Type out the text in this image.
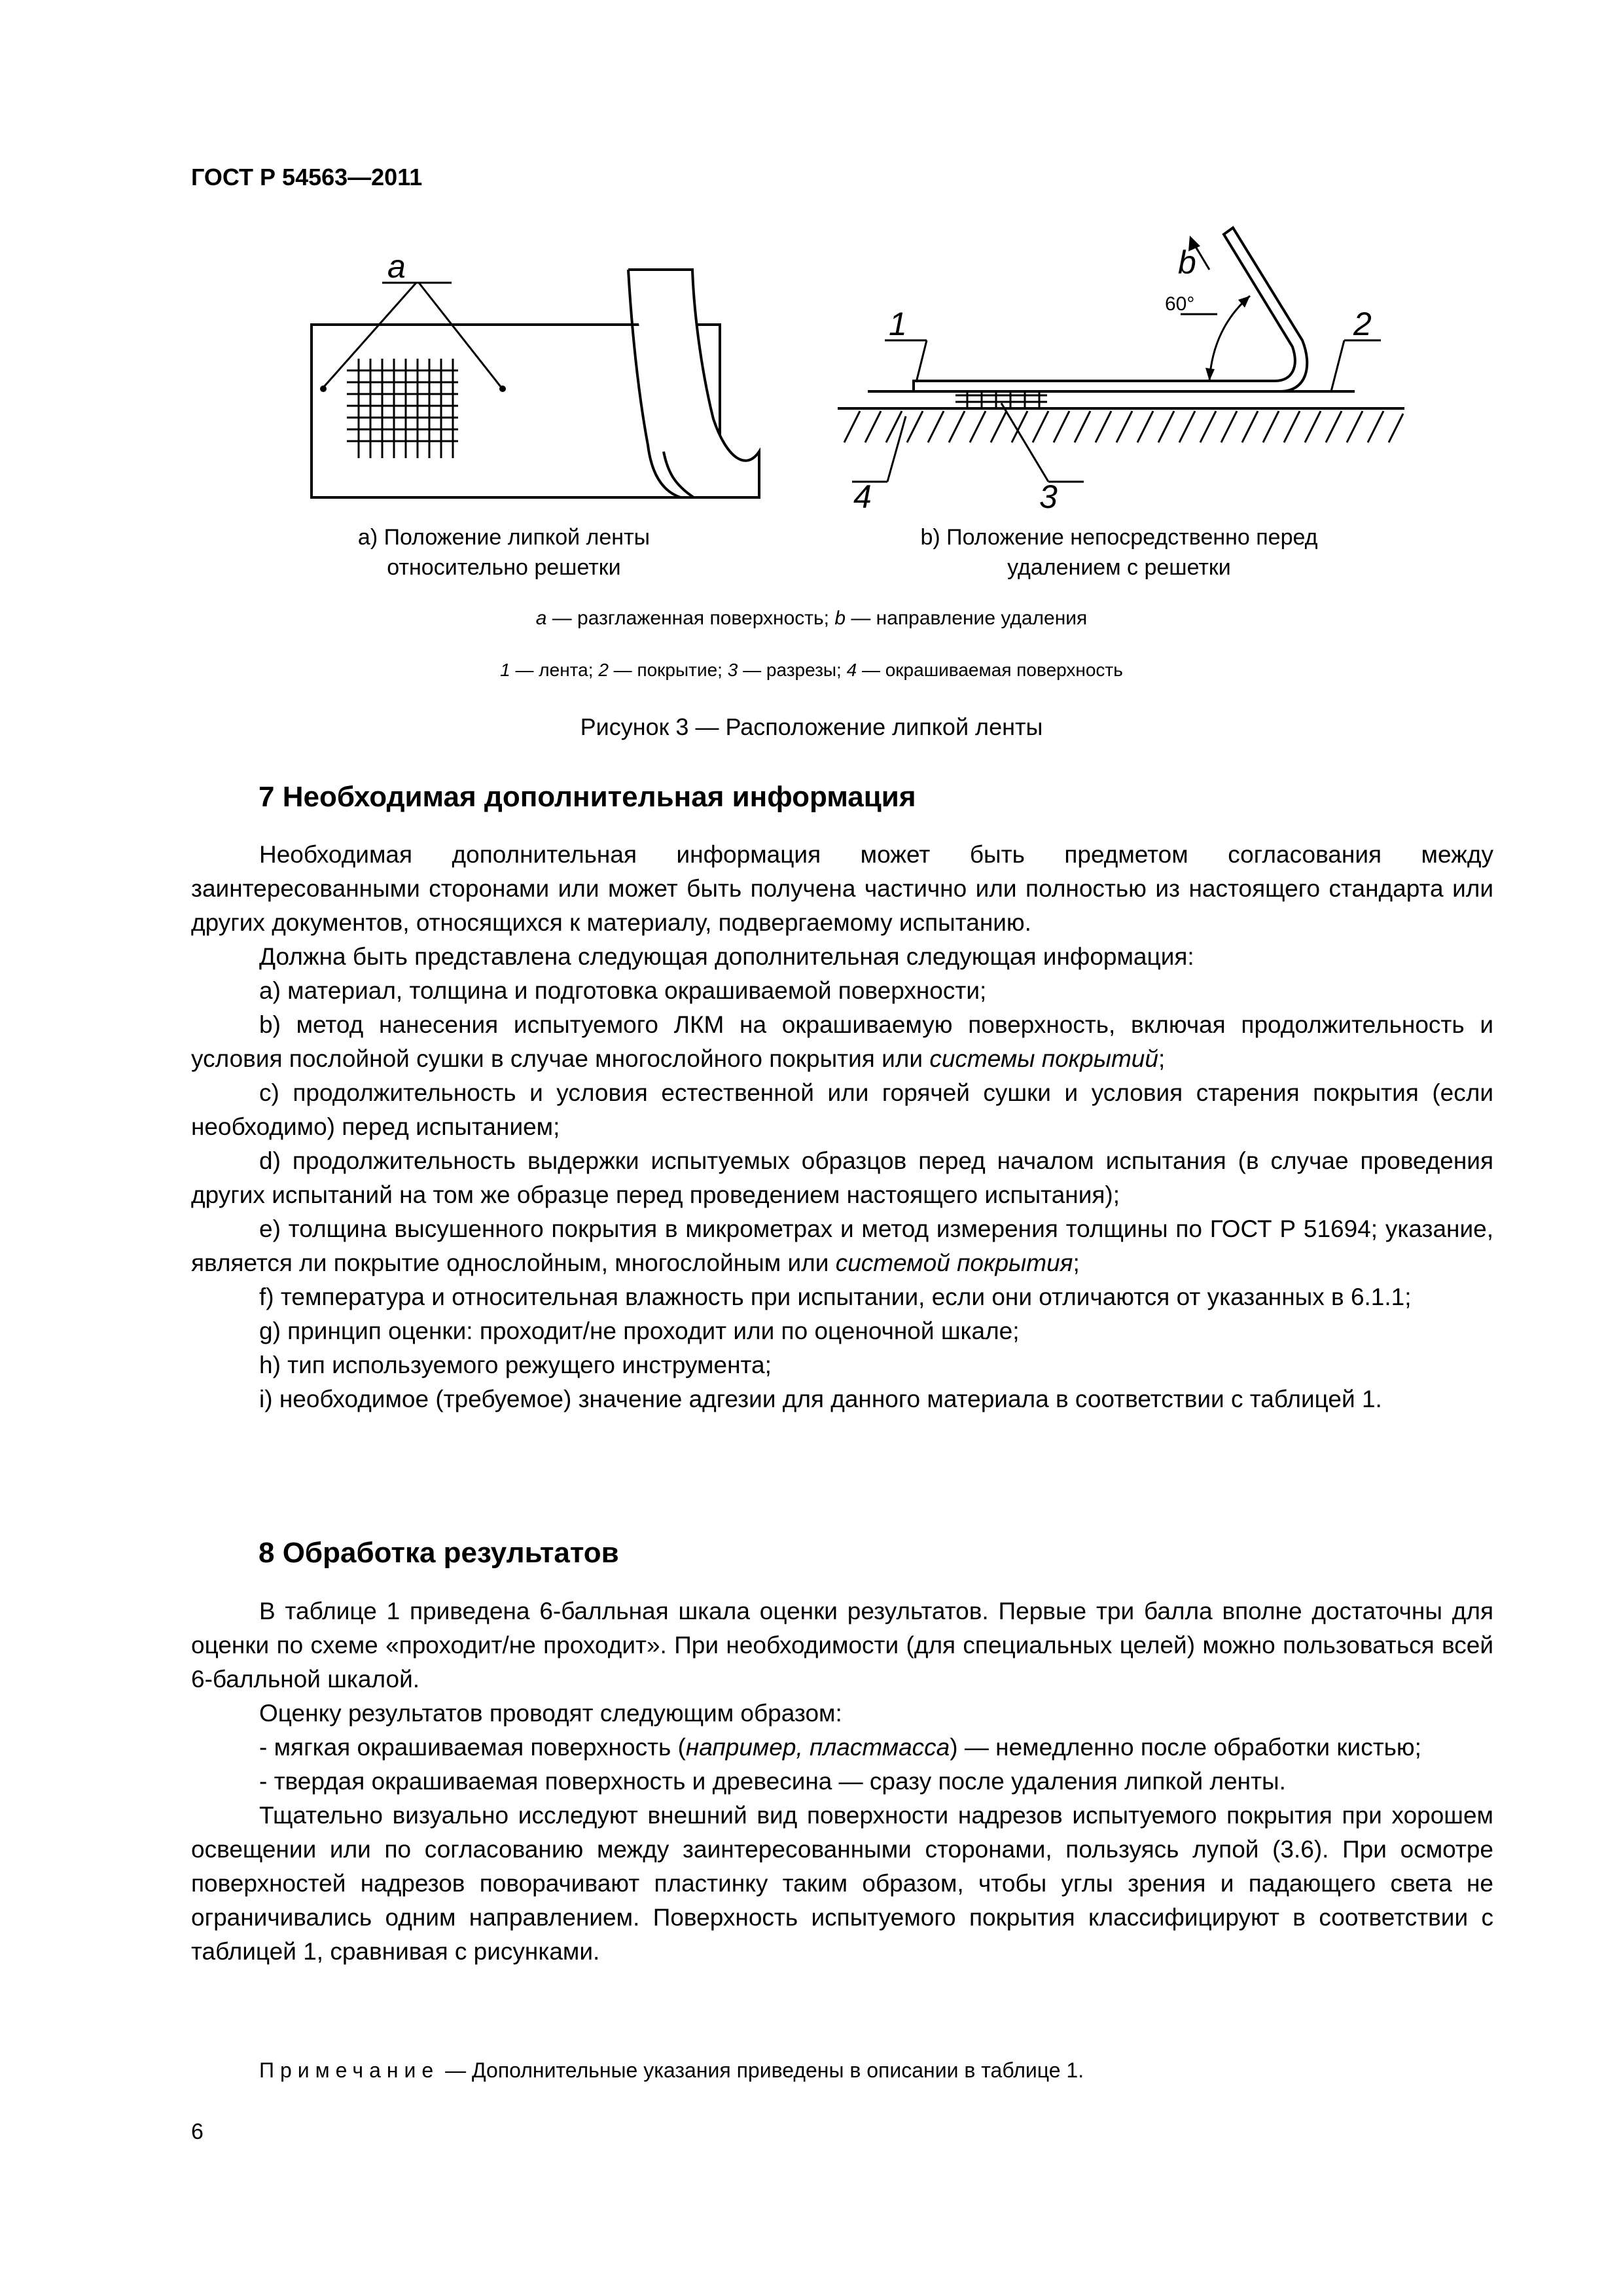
ГОСТ Р 54563—2011
a	b
60°
1	2
3
4
a) Положение липкой ленты
относительно решетки
b) Положение непосредственно перед
удалением с решетки
a — разглаженная поверхность; b — направление удаления
1 — лента; 2 — покрытие; 3 — разрезы; 4 — окрашиваемая поверхность
Рисунок 3 — Расположение липкой ленты
7 Необходимая дополнительная информация

Необходимая дополнительная информация может быть предметом согласования между заинтересованными сторонами или может быть получена частично или полностью из настоящего стандарта или других документов, относящихся к материалу, подвергаемому испытанию.

Должна быть представлена следующая дополнительная следующая информация:

a) материал, толщина и подготовка окрашиваемой поверхности;

b) метод нанесения испытуемого ЛКМ на окрашиваемую поверхность, включая продолжительность и условия послойной сушки в случае многослойного покрытия или системы покрытий;

c) продолжительность и условия естественной или горячей сушки и условия старения покрытия (если необходимо) перед испытанием;

d) продолжительность выдержки испытуемых образцов перед началом испытания (в случае проведения других испытаний на том же образце перед проведением настоящего испытания);

e) толщина высушенного покрытия в микрометрах и метод измерения толщины по ГОСТ Р 51694; указание, является ли покрытие однослойным, многослойным или системой покрытия;

f) температура и относительная влажность при испытании, если они отличаются от указанных в 6.1.1;

g) принцип оценки: проходит/не проходит или по оценочной шкале;

h) тип используемого режущего инструмента;

i) необходимое (требуемое) значение адгезии для данного материала в соответствии с таблицей 1.

8 Обработка результатов

В таблице 1 приведена 6-балльная шкала оценки результатов. Первые три балла вполне достаточны для оценки по схеме «проходит/не проходит». При необходимости (для специальных целей) можно пользоваться всей 6-балльной шкалой.

Оценку результатов проводят следующим образом:

- мягкая окрашиваемая поверхность (например, пластмасса) — немедленно после обработки кистью;

- твердая окрашиваемая поверхность и древесина — сразу после удаления липкой ленты.

Тщательно визуально исследуют внешний вид поверхности надрезов испытуемого покрытия при хорошем освещении или по согласованию между заинтересованными сторонами, пользуясь лупой (3.6). При осмотре поверхностей надрезов поворачивают пластинку таким образом, чтобы углы зрения и падающего света не ограничивались одним направлением. Поверхность испытуемого покрытия классифицируют в соответствии с таблицей 1, сравнивая с рисунками.

Примечание — Дополнительные указания приведены в описании в таблице 1.
6
